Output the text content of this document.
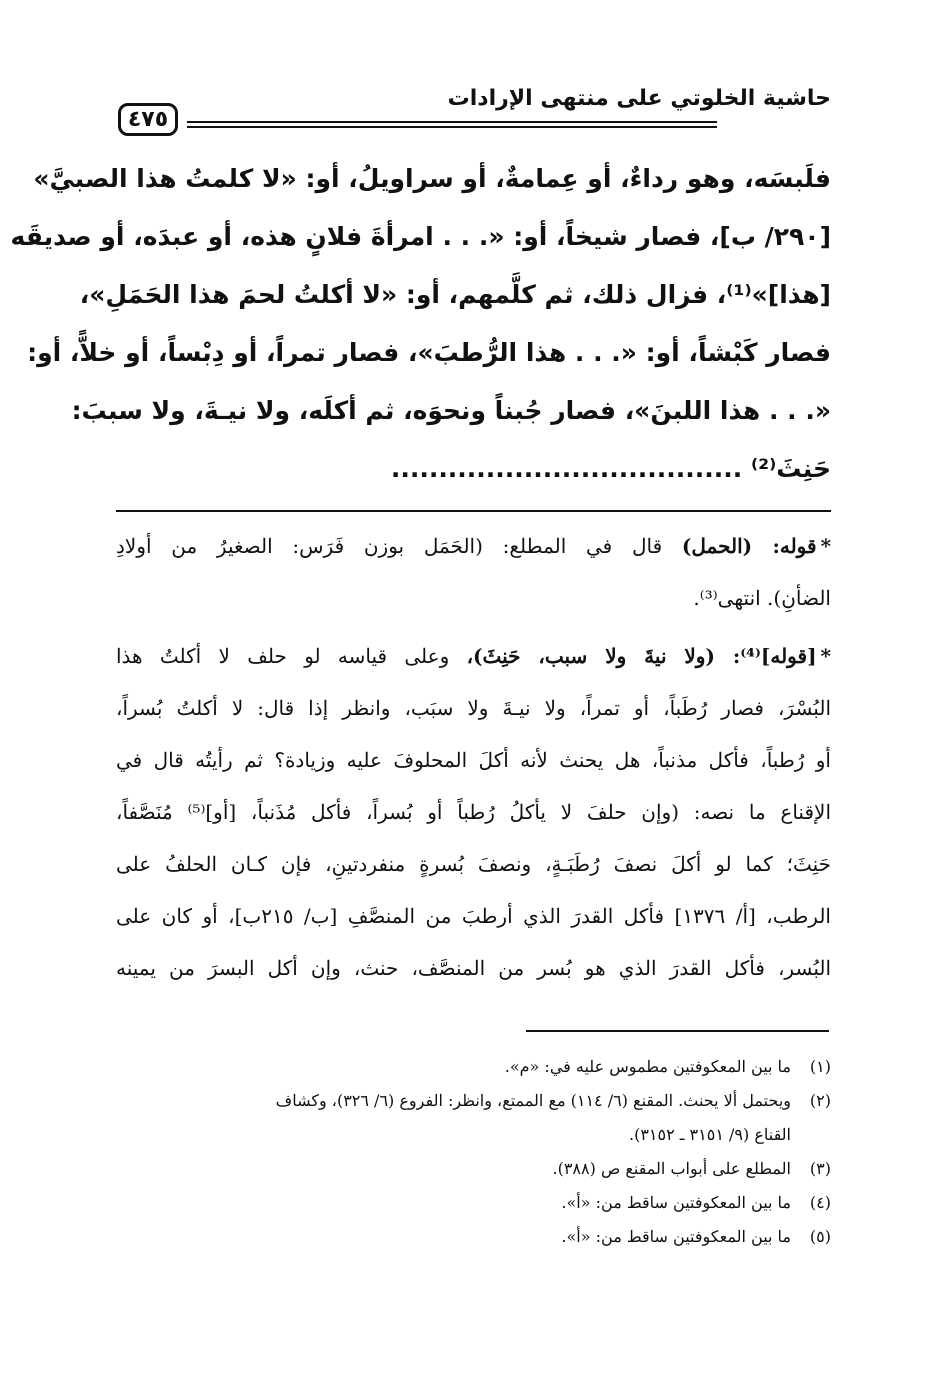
حاشية الخلوتي على منتهى الإرادات
٤٧٥
فلَبسَه، وهو رداءٌ، أو عِمامةٌ، أو سراويلُ، أو: «لا كلمتُ هذا الصبيَّ»
[٢٩٠/ ب]، فصار شيخاً، أو: «. . . امرأةَ فلانٍ هذه، أو عبدَه، أو صديقَه
[هذا]»⁽¹⁾، فزال ذلك، ثم كلَّمهم، أو: «لا أكلتُ لحمَ هذا الحَمَلِ»،
فصار كَبْشاً، أو: «. . . هذا الرُّطبَ»، فصار تمراً، أو دِبْساً، أو خلاًّ، أو:
«. . . هذا اللبنَ»، فصار جُبناً ونحوَه، ثم أكلَه، ولا نيـةَ، ولا سببَ:
حَنِثَ⁽²⁾ .....................................
*قوله: (الحمل) قال في المطلع: (الحَمَل بوزن فَرَس: الصغيرُ من أولادِ
الضأنِ). انتهى⁽³⁾.
*[قوله]⁽⁴⁾: (ولا نيةَ ولا سبب، حَنِثَ)، وعلى قياسه لو حلف لا أكلتُ هذا
البُسْرَ، فصار رُطَباً، أو تمراً، ولا نيـةَ ولا سبَب، وانظر إذا قال: لا أكلتُ بُسراً،
أو رُطباً، فأكل مذنباً، هل يحنث لأنه أكلَ المحلوفَ عليه وزيادة؟ ثم رأيتُه قال في
الإقناع ما نصه: (وإن حلفَ لا يأكلُ رُطباً أو بُسراً، فأكل مُذَنباً، [أو]⁽⁵⁾ مُنَصَّفاً،
حَنِثَ؛ كما لو أكلَ نصفَ رُطَبَـةٍ، ونصفَ بُسرةٍ منفردتينِ، فإن كـان الحلفُ على
الرطب، [أ/ ١٣٧٦] فأكل القدرَ الذي أرطبَ من المنصَّفِ [ب/ ٢١٥ب]، أو كان على
البُسر، فأكل القدرَ الذي هو بُسر من المنصَّف، حنث، وإن أكل البسرَ من يمينه
(١)ما بين المعكوفتين مطموس عليه في: «م».
(٢)ويحتمل ألا يحنث. المقنع (٦/ ١١٤) مع الممتع، وانظر: الفروع (٦/ ٣٢٦)، وكشاف
القناع (٩/ ٣١٥١ ـ ٣١٥٢).
(٣)المطلع على أبواب المقنع ص (٣٨٨).
(٤)ما بين المعكوفتين ساقط من: «أ».
(٥)ما بين المعكوفتين ساقط من: «أ».
